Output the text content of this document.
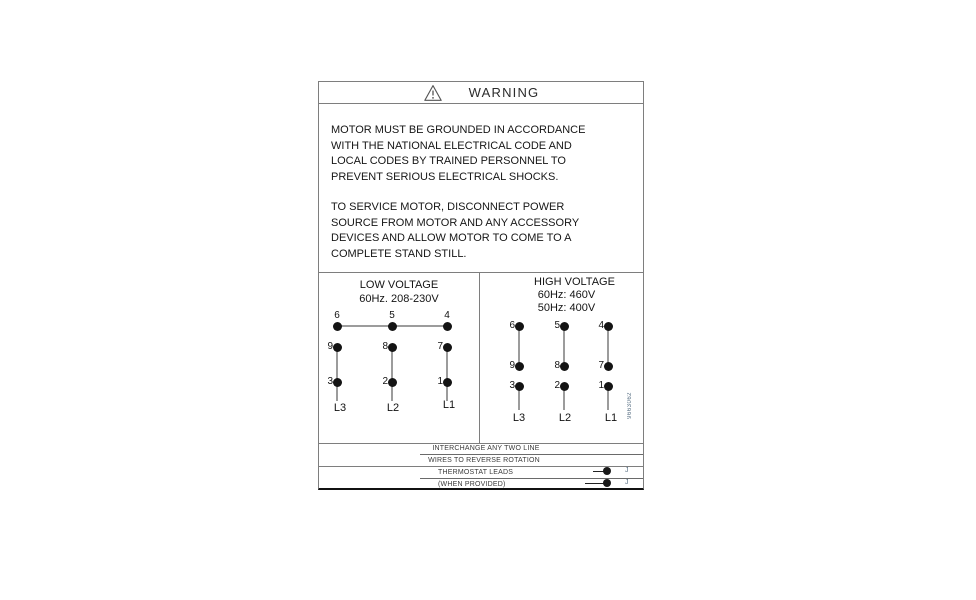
WARNING
MOTOR MUST BE GROUNDED IN ACCORDANCE
WITH THE NATIONAL ELECTRICAL CODE AND
LOCAL CODES BY TRAINED PERSONNEL TO
PREVENT SERIOUS ELECTRICAL SHOCKS.
TO SERVICE MOTOR, DISCONNECT POWER
SOURCE FROM MOTOR AND ANY ACCESSORY
DEVICES AND ALLOW MOTOR TO COME TO A
COMPLETE STAND STILL.
LOW VOLTAGE
60Hz. 208-230V
6	5	4
9	8	7
3	2	1
L3	L2	L1
HIGH VOLTAGE
60Hz: 460V
50Hz: 400V
6	5	4
9	8	7
3	2	1
L3	L2	L1	9663062
INTERCHANGE ANY TWO LINE
WIRES TO REVERSE ROTATION
THERMOSTAT LEADS
(WHEN PROVIDED)
J
J
